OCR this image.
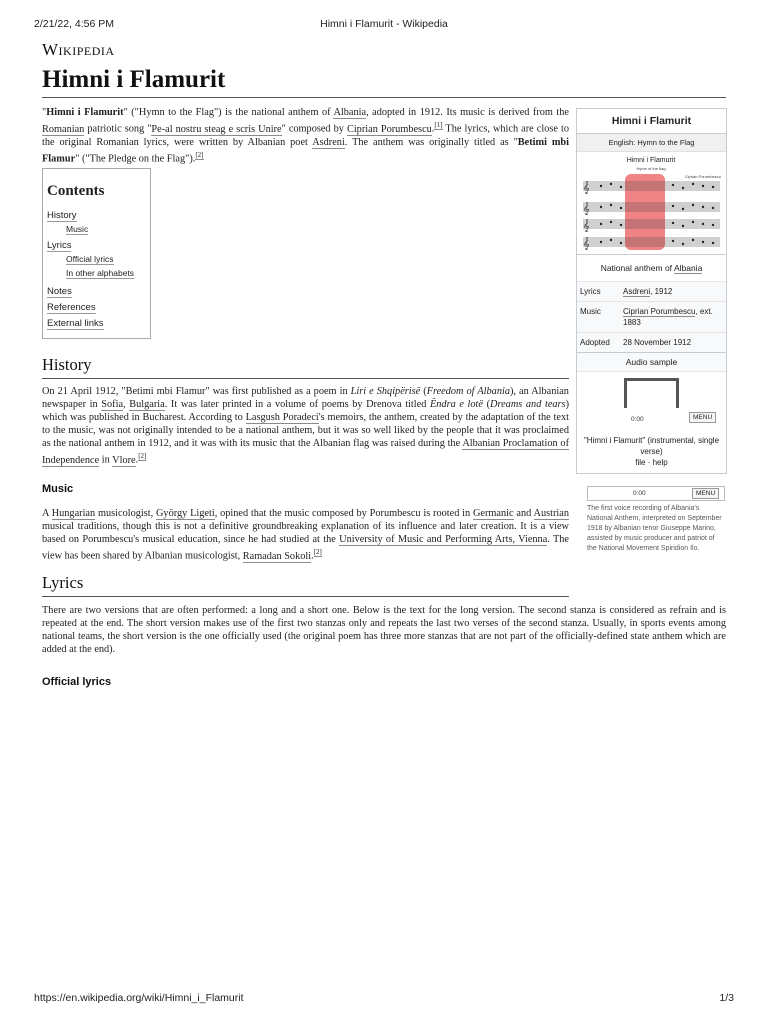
2/21/22, 4:56 PM	Himni i Flamurit - Wikipedia
Wikipedia
Himni i Flamurit

"Himni i Flamurit" ("Hymn to the Flag") is the national anthem of Albania, adopted in 1912. Its music is derived from the Romanian patriotic song "Pe-al nostru steag e scris Unire" composed by Ciprian Porumbescu.[1] The lyrics, which are close to the original Romanian lyrics, were written by Albanian poet Asdreni. The anthem was originally titled as "Betimi mbi Flamur" ("The Pledge on the Flag").[2]

Contents
History
Music
Lyrics
Official lyrics
In other alphabets
Notes
References
External links
History

On 21 April 1912, "Betimi mbi Flamur" was first published as a poem in Liri e Shqipërisë (Freedom of Albania), an Albanian newspaper in Sofia, Bulgaria. It was later printed in a volume of poems by Drenova titled Ëndra e lotë (Dreams and tears) which was published in Bucharest. According to Lasgush Poradeci's memoirs, the anthem, created by the adaptation of the text to the music, was not originally intended to be a national anthem, but it was so well liked by the people that it was proclaimed as the national anthem in 1912, and it was with its music that the Albanian flag was raised during the Albanian Proclamation of Independence in Vlore.[2]

Music

A Hungarian musicologist, György Ligeti, opined that the music composed by Porumbescu is rooted in Germanic and Austrian musical traditions, though this is not a definitive groundbreaking explanation of its influence and later creation. It is a view based on Porumbescu's musical education, since he had studied at the University of Music and Performing Arts, Vienna. The view has been shared by Albanian musicologist, Ramadan Sokoli.[2]

Lyrics

There are two versions that are often performed: a long and a short one. Below is the text for the long version. The second stanza is considered as refrain and is repeated at the end. The short version makes use of the first two stanzas only and repeats the last two verses of the second stanza. Usually, in sports events among national teams, the short version is the one officially used (the original poem has three more stanzas that are not part of the officially-defined state anthem which are added at the end).

Official lyrics
Himni i Flamurit
English: Hymn to the Flag
Himni i Flamurit
Hymn of the flag
Ciprian Porumbescu
𝄞
𝄞
𝄞
𝄞
National anthem of Albania
Lyrics	Asdreni, 1912
Music	Ciprian Porumbescu, ext. 1883
Adopted	28 November 1912
Audio sample
0:00	MENU
"Himni i Flamurit" (instrumental, single verse)
file · help
0:00	MENU
The first voice recording of Albania's National Anthem, interpreted on September 1918 by Albanian tenor Giuseppe Marino, assisted by music producer and patriot of the National Movement Spiridion Ilo.
https://en.wikipedia.org/wiki/Himni_i_Flamurit	1/3
